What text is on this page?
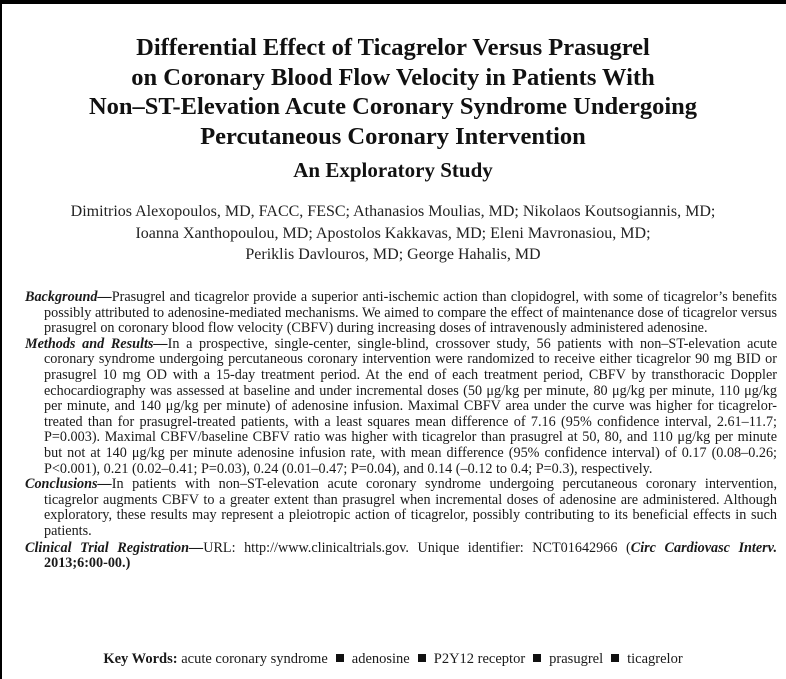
Differential Effect of Ticagrelor Versus Prasugrel
on Coronary Blood Flow Velocity in Patients With
Non–ST-Elevation Acute Coronary Syndrome Undergoing
Percutaneous Coronary Intervention
An Exploratory Study
Dimitrios Alexopoulos, MD, FACC, FESC; Athanasios Moulias, MD; Nikolaos Koutsogiannis, MD;
Ioanna Xanthopoulou, MD; Apostolos Kakkavas, MD; Eleni Mavronasiou, MD;
Periklis Davlouros, MD; George Hahalis, MD

Background—Prasugrel and ticagrelor provide a superior anti-ischemic action than clopidogrel, with some of ticagrelor’s benefits possibly attributed to adenosine-mediated mechanisms. We aimed to compare the effect of maintenance dose of ticagrelor versus prasugrel on coronary blood flow velocity (CBFV) during increasing doses of intravenously administered adenosine.

Methods and Results—In a prospective, single-center, single-blind, crossover study, 56 patients with non–ST-elevation acute coronary syndrome undergoing percutaneous coronary intervention were randomized to receive either ticagrelor 90 mg BID or prasugrel 10 mg OD with a 15-day treatment period. At the end of each treatment period, CBFV by transthoracic Doppler echocardiography was assessed at baseline and under incremental doses (50 μg/kg per minute, 80 μg/kg per minute, 110 μg/kg per minute, and 140 μg/kg per minute) of adenosine infusion. Maximal CBFV area under the curve was higher for ticagrelor-treated than for prasugrel-treated patients, with a least squares mean difference of 7.16 (95% confidence interval, 2.61–11.7; P=0.003). Maximal CBFV/baseline CBFV ratio was higher with ticagrelor than prasugrel at 50, 80, and 110 μg/kg per minute but not at 140 μg/kg per minute adenosine infusion rate, with mean difference (95% confidence interval) of 0.17 (0.08–0.26; P<0.001), 0.21 (0.02–0.41; P=0.03), 0.24 (0.01–0.47; P=0.04), and 0.14 (–0.12 to 0.4; P=0.3), respectively.

Conclusions—In patients with non–ST-elevation acute coronary syndrome undergoing percutaneous coronary intervention, ticagrelor augments CBFV to a greater extent than prasugrel when incremental doses of adenosine are administered. Although exploratory, these results may represent a pleiotropic action of ticagrelor, possibly contributing to its beneficial effects in such patients.

Clinical Trial Registration—URL: http://www.clinicaltrials.gov. Unique identifier: NCT01642966 (Circ Cardiovasc Interv. 2013;6:00-00.)

Key Words: acute coronary syndrome adenosine P2Y12 receptor prasugrel ticagrelor
